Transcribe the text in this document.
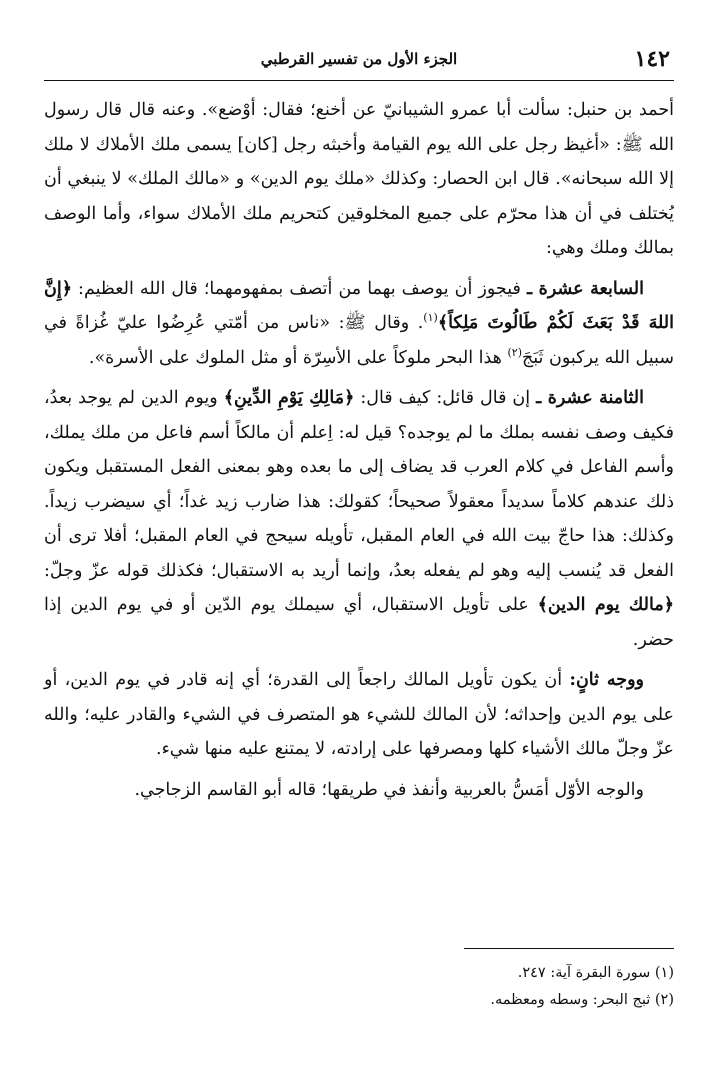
١٤٢
الجزء الأول من تفسير القرطبي

أحمد بن حنبل: سألت أبا عمرو الشيبانيّ عن أخنع؛ فقال: أوْضع». وعنه قال قال رسول الله ﷺ: «أغيظ رجل على الله يوم القيامة وأخبثه رجل [كان] يسمى ملك الأملاك لا ملك إلا الله سبحانه». قال ابن الحصار: وكذلك «ملك يوم الدين» و «مالك الملك» لا ينبغي أن يُختلف في أن هذا محرّم على جميع المخلوقين كتحريم ملك الأملاك سواء، وأما الوصف بمالك وملك وهي:

السابعة عشرة ـ فيجوز أن يوصف بهما من أتصف بمفهومهما؛ قال الله العظيم: ﴿إِنَّ اللهَ قَدْ بَعَثَ لَكُمْ طَالُوتَ مَلِكاً﴾$^{(١)}$. وقال ﷺ: «ناس من أمّتي عُرِضُوا عليّ غُزاةً في سبيل الله يركبون ثَبَجَ$^{(٢)}$ هذا البحر ملوكاً على الأسِرّة أو مثل الملوك على الأسرة».

الثامنة عشرة ـ إن قال قائل: كيف قال: ﴿مَالِكِ يَوْمِ الدِّينِ﴾ ويوم الدين لم يوجد بعدُ، فكيف وصف نفسه بملك ما لم يوجده؟ قيل له: اِعلم أن مالكاً أسم فاعل من ملك يملك، وأسم الفاعل في كلام العرب قد يضاف إلى ما بعده وهو بمعنى الفعل المستقبل ويكون ذلك عندهم كلاماً سديداً معقولاً صحيحاً؛ كقولك: هذا ضارب زيد غداً؛ أي سيضرب زيداً. وكذلك: هذا حاجّ بيت الله في العام المقبل، تأويله سيحج في العام المقبل؛ أفلا ترى أن الفعل قد يُنسب إليه وهو لم يفعله بعدُ، وإنما أريد به الاستقبال؛ فكذلك قوله عزّ وجلّ: ﴿مالك يوم الدين﴾ على تأويل الاستقبال، أي سيملك يوم الدّين أو في يوم الدين إذا حضر.

ووجه ثانٍ: أن يكون تأويل المالك راجعاً إلى القدرة؛ أي إنه قادر في يوم الدين، أو على يوم الدين وإحداثه؛ لأن المالك للشيء هو المتصرف في الشيء والقادر عليه؛ والله عزّ وجلّ مالك الأشياء كلها ومصرفها على إرادته، لا يمتنع عليه منها شيء.

والوجه الأوّل أمَسُّ بالعربية وأنفذ في طريقها؛ قاله أبو القاسم الزجاجي.

(١) سورة البقرة آية: ٢٤٧.
(٢) ثبج البحر: وسطه ومعظمه.
